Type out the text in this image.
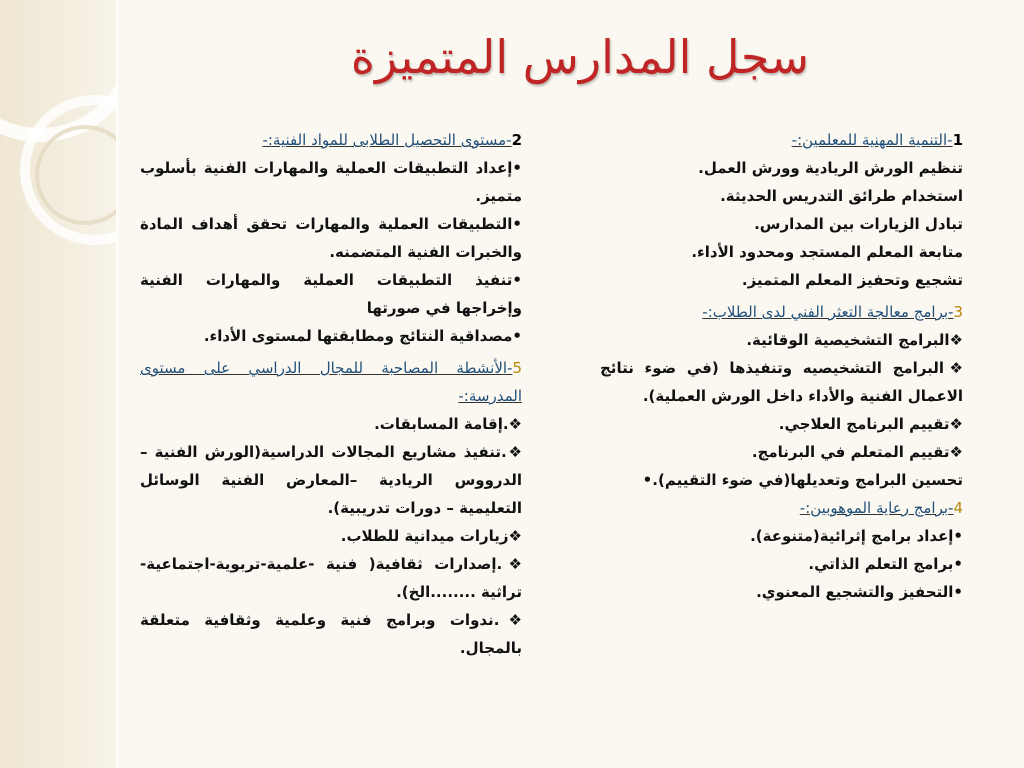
سجل المدارس المتميزة
1-التنمية المهنية للمعلمين:-
تنظيم الورش الريادية وورش العمل.
استخدام طرائق التدريس الحديثة.
تبادل الزيارات بين المدارس.
متابعة المعلم المستجد ومحدود الأداء.
تشجيع وتحفيز المعلم المتميز.
3-برامج معالجة التعثر الفني لدى الطلاب:-
❖البرامج التشخيصية الوقائية.
❖البرامج التشخيصيه وتنفيذها (في ضوء نتائج الاعمال الفنية والأداء داخل الورش العملية).
❖تقييم البرنامج العلاجي.
❖تقييم المتعلم في البرنامج.
تحسين البرامج وتعديلها(في ضوء التقييم).•
4-برامج رعاية الموهوبين:-
•إعداد برامج إثرائية(متنوعة).
•برامج التعلم الذاتي.
•التحفيز والتشجيع المعنوي.
2-مستوى التحصيل الطلابى للمواد الفنية:-
•إعداد التطبيقات العملية والمهارات الفنية بأسلوب متميز.
•التطبيقات العملية والمهارات تحقق أهداف المادة والخبرات الفنية المتضمنه.
•تنفيذ التطبيقات العملية والمهارات الفنية وإخراجها في صورتها
•مصداقية النتائج ومطابقتها لمستوى الأداء.
5-الأنشطة المصاحبة للمجال الدراسي على مستوى المدرسة:-
❖.إقامة المسابقات.
❖.تنفيذ مشاريع المجالات الدراسية(الورش الفنية – الدرووس الريادية –المعارض الفنية الوسائل التعليمية – دورات تدريبية).
❖زيارات ميدانية للطلاب.
❖.إصدارات ثقافية( فنية -علمية-تربوية-اجتماعية- تراثية ........الخ).
❖.ندوات وبرامج فنية وعلمية وثقافية متعلقة بالمجال.
